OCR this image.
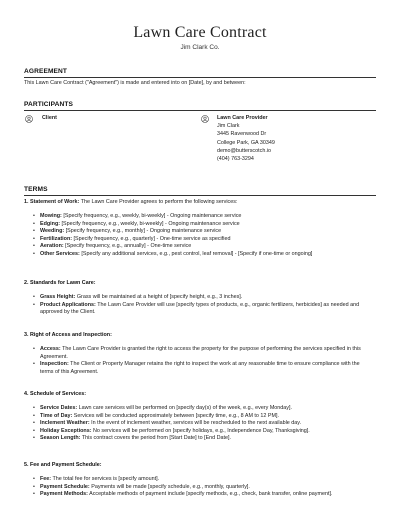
Lawn Care Contract
Jim Clark Co.
AGREEMENT
This Lawn Care Contract ("Agreement") is made and entered into on [Date], by and between:
PARTICIPANTS
Client	Lawn Care Provider
Jim Clark
3445 Ravenwood Dr
College Park, GA 30349
demo@butterscotch.io
(404) 763-3294
TERMS
1. Statement of Work: The Lawn Care Provider agrees to perform the following services:
• Mowing: [Specify frequency, e.g., weekly, bi-weekly] - Ongoing maintenance service
• Edging: [Specify frequency, e.g., weekly, bi-weekly] - Ongoing maintenance service
• Weeding: [Specify frequency, e.g., monthly] - Ongoing maintenance service
• Fertilization: [Specify frequency, e.g., quarterly] - One-time service as specified
• Aeration: [Specify frequency, e.g., annually] - One-time service
• Other Services: [Specify any additional services, e.g., pest control, leaf removal] - [Specify if one-time or ongoing]
2. Standards for Lawn Care:
• Grass Height: Grass will be maintained at a height of [specify height, e.g., 3 inches].
• Product Applications: The Lawn Care Provider will use [specify types of products, e.g., organic fertilizers, herbicides] as needed and approved by the Client.
3. Right of Access and Inspection:
• Access: The Lawn Care Provider is granted the right to access the property for the purpose of performing the services specified in this Agreement.
• Inspection: The Client or Property Manager retains the right to inspect the work at any reasonable time to ensure compliance with the terms of this Agreement.
4. Schedule of Services:
• Service Dates: Lawn care services will be performed on [specify day(s) of the week, e.g., every Monday].
• Time of Day: Services will be conducted approximately between [specify time, e.g., 8 AM to 12 PM].
• Inclement Weather: In the event of inclement weather, services will be rescheduled to the next available day.
• Holiday Exceptions: No services will be performed on [specify holidays, e.g., Independence Day, Thanksgiving].
• Season Length: This contract covers the period from [Start Date] to [End Date].
5. Fee and Payment Schedule:
• Fee: The total fee for services is [specify amount].
• Payment Schedule: Payments will be made [specify schedule, e.g., monthly, quarterly].
• Payment Methods: Acceptable methods of payment include [specify methods, e.g., check, bank transfer, online payment].
